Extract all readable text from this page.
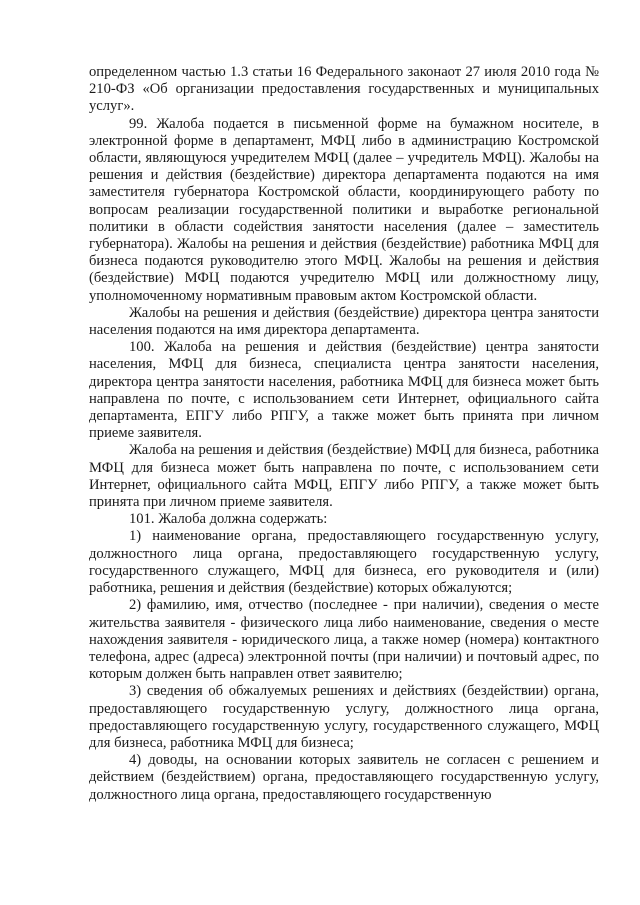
определенном частью 1.3 статьи 16 Федерального законаот 27 июля 2010 года № 210-ФЗ «Об организации предоставления государственных и муниципальных услуг».

99. Жалоба подается в письменной форме на бумажном носителе, в электронной форме в департамент, МФЦ либо в администрацию Костромской области, являющуюся учредителем МФЦ (далее – учредитель МФЦ). Жалобы на решения и действия (бездействие) директора департамента подаются на имя заместителя губернатора Костромской области, координирующего работу по вопросам реализации государственной политики и выработке региональной политики в области содействия занятости населения (далее – заместитель губернатора). Жалобы на решения и действия (бездействие) работника МФЦ для бизнеса подаются руководителю этого МФЦ. Жалобы на решения и действия (бездействие) МФЦ подаются учредителю МФЦ или должностному лицу, уполномоченному нормативным правовым актом Костромской области.

Жалобы на решения и действия (бездействие) директора центра занятости населения подаются на имя директора департамента.

100. Жалоба на решения и действия (бездействие) центра занятости населения, МФЦ для бизнеса, специалиста центра занятости населения, директора центра занятости населения, работника МФЦ для бизнеса может быть направлена по почте, с использованием сети Интернет, официального сайта департамента, ЕПГУ либо РПГУ, а также может быть принята при личном приеме заявителя.

Жалоба на решения и действия (бездействие) МФЦ для бизнеса, работника МФЦ для бизнеса может быть направлена по почте, с использованием сети Интернет, официального сайта МФЦ, ЕПГУ либо РПГУ, а также может быть принята при личном приеме заявителя.

101. Жалоба должна содержать:

1) наименование органа, предоставляющего государственную услугу, должностного лица органа, предоставляющего государственную услугу, государственного служащего, МФЦ для бизнеса, его руководителя и (или) работника, решения и действия (бездействие) которых обжалуются;

2) фамилию, имя, отчество (последнее - при наличии), сведения о месте жительства заявителя - физического лица либо наименование, сведения о месте нахождения заявителя - юридического лица, а также номер (номера) контактного телефона, адрес (адреса) электронной почты (при наличии) и почтовый адрес, по которым должен быть направлен ответ заявителю;

3) сведения об обжалуемых решениях и действиях (бездействии) органа, предоставляющего государственную услугу, должностного лица органа, предоставляющего государственную услугу, государственного служащего, МФЦ для бизнеса, работника МФЦ для бизнеса;

4) доводы, на основании которых заявитель не согласен с решением и действием (бездействием) органа, предоставляющего государственную услугу, должностного лица органа, предоставляющего государственную
